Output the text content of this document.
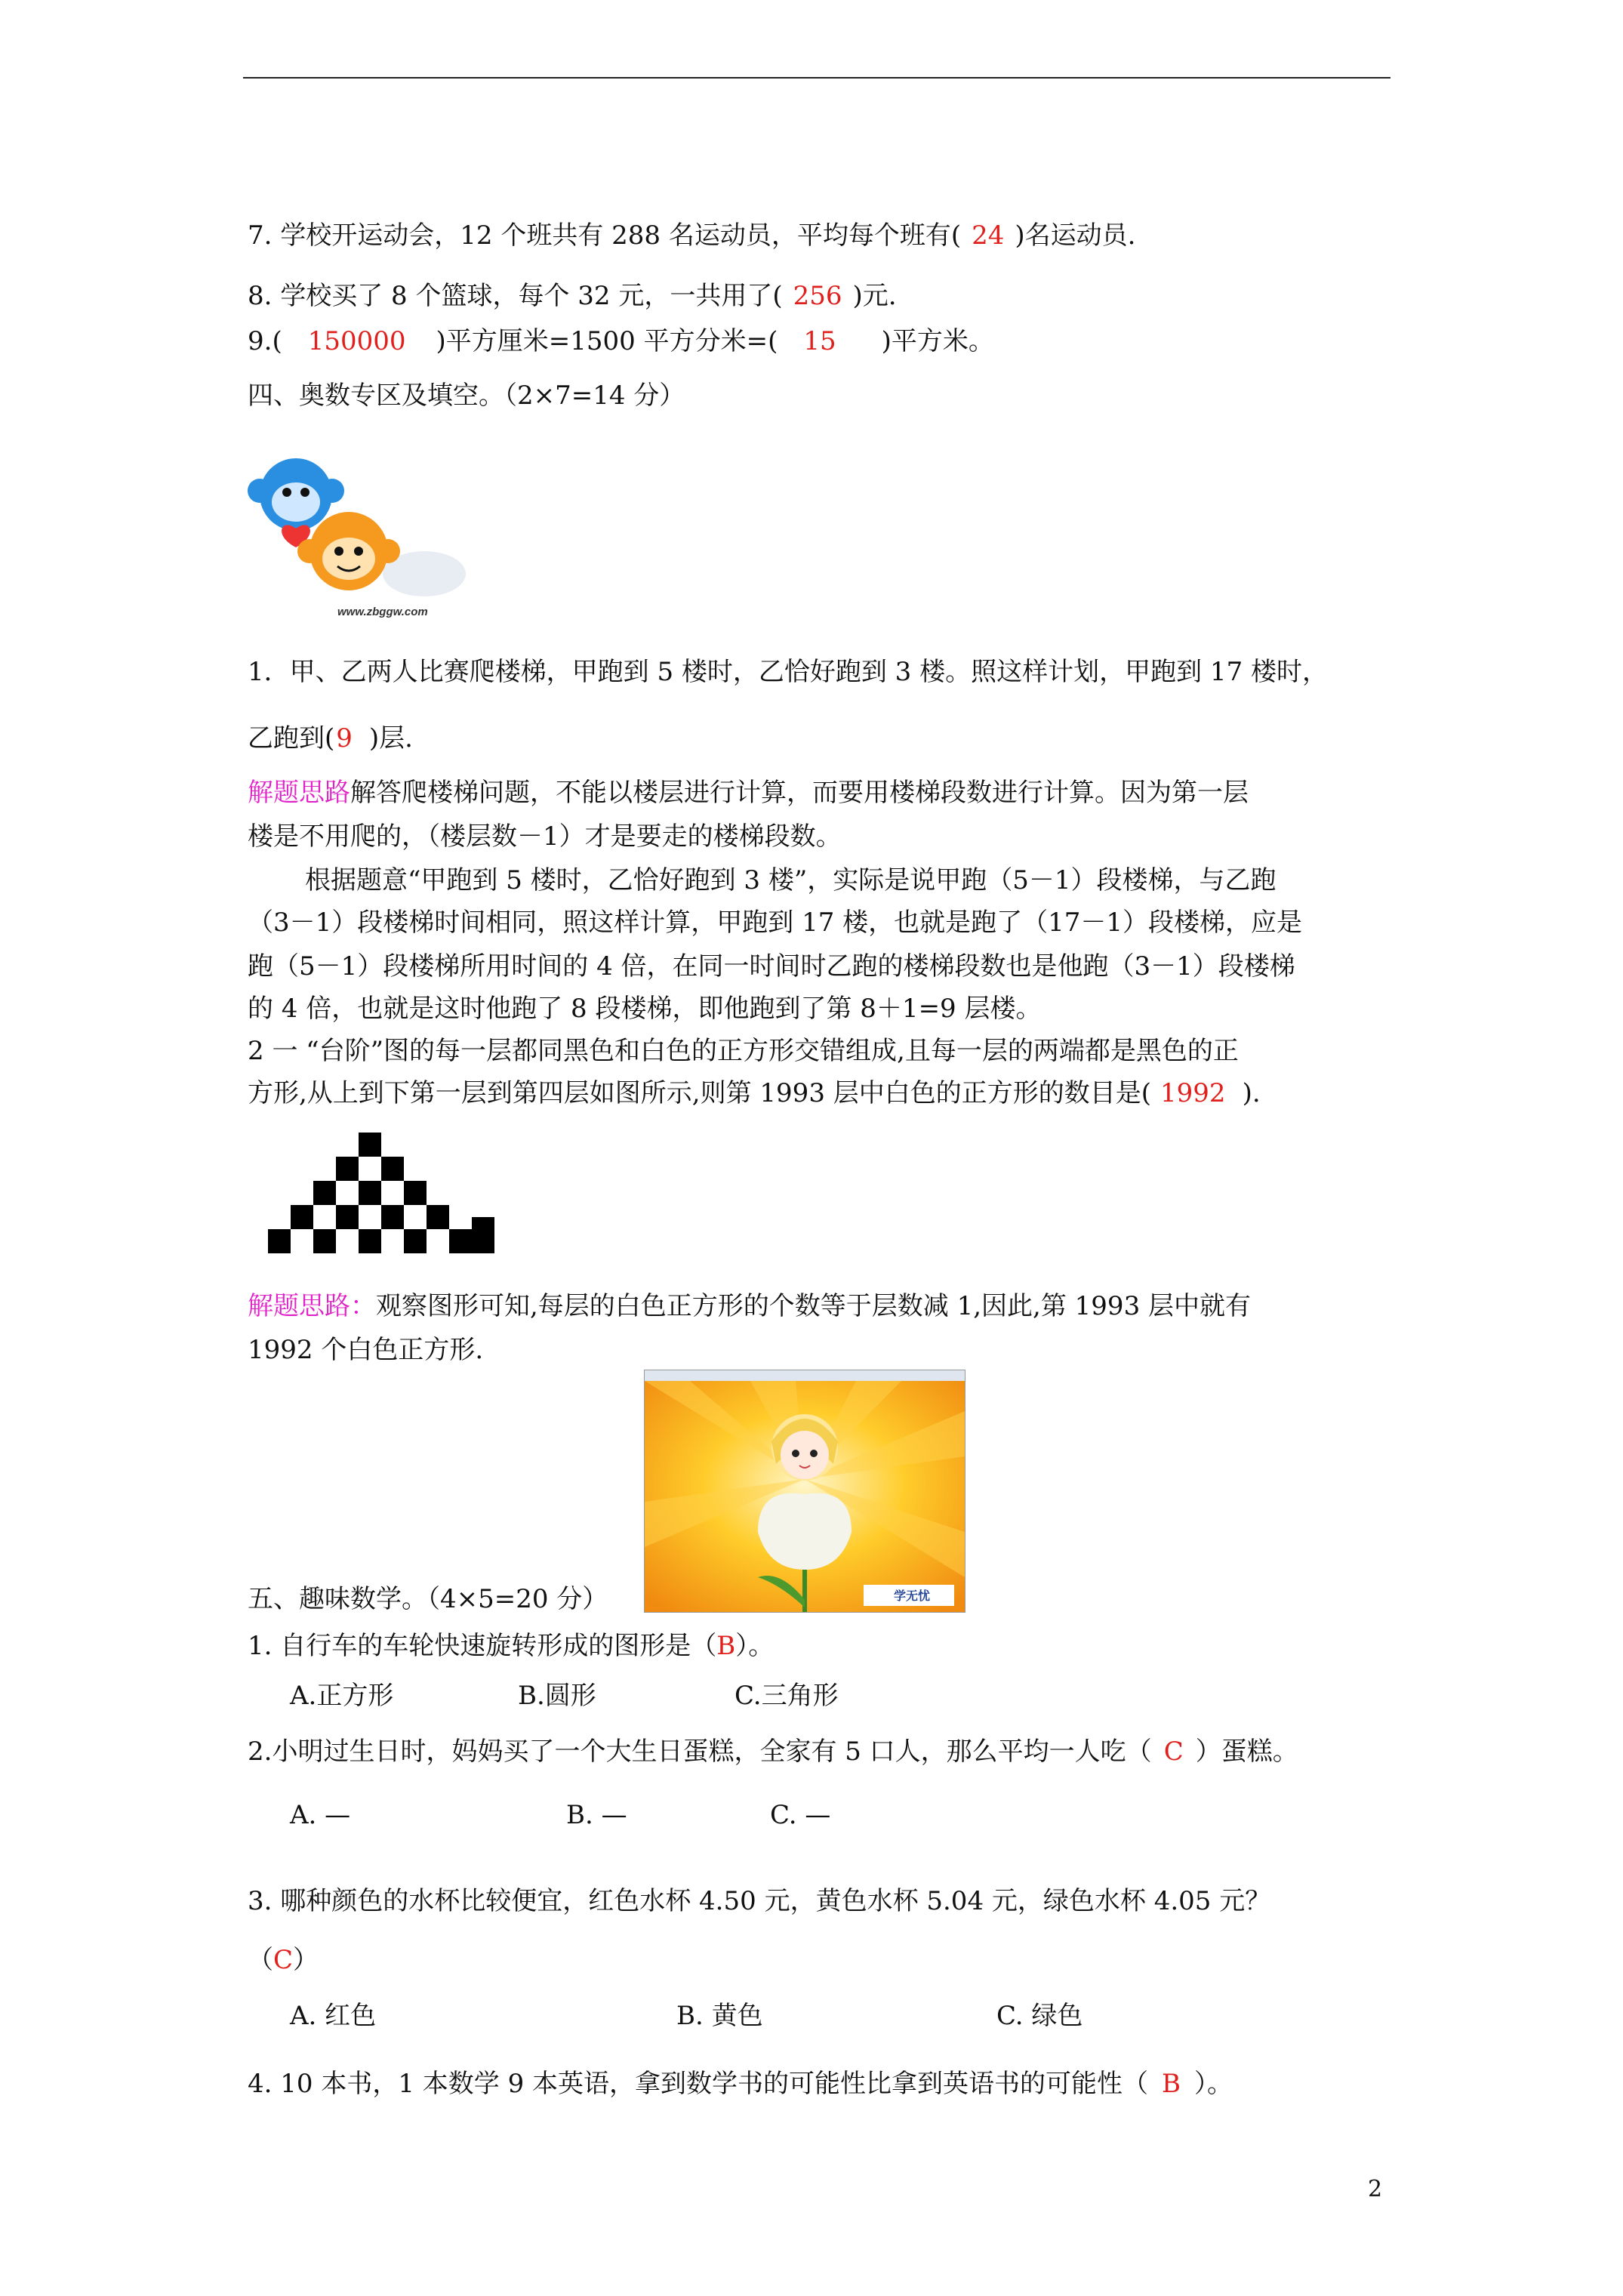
7. 学校开运动会，12 个班共有 288 名运动员，平均每个班有( 24 )名运动员.
8. 学校买了 8 个篮球，每个 32 元，一共用了( 256 )元.
9.( 150000 )平方厘米=1500 平方分米=( 15 )平方米。
四、奥数专区及填空。（2×7=14 分）
www.zbggw.com
1．甲、乙两人比赛爬楼梯，甲跑到 5 楼时，乙恰好跑到 3 楼。照这样计划，甲跑到 17 楼时，
乙跑到(9 )层.
解题思路解答爬楼梯问题，不能以楼层进行计算，而要用楼梯段数进行计算。因为第一层
楼是不用爬的，（楼层数－1）才是要走的楼梯段数。
根据题意“甲跑到 5 楼时，乙恰好跑到 3 楼”，实际是说甲跑（5－1）段楼梯，与乙跑
（3－1）段楼梯时间相同，照这样计算，甲跑到 17 楼，也就是跑了（17－1）段楼梯，应是
跑（5－1）段楼梯所用时间的 4 倍，在同一时间时乙跑的楼梯段数也是他跑（3－1）段楼梯
的 4 倍，也就是这时他跑了 8 段楼梯，即他跑到了第 8＋1=9 层楼。
2 一 “台阶”图的每一层都同黑色和白色的正方形交错组成,且每一层的两端都是黑色的正
方形,从上到下第一层到第四层如图所示,则第 1993 层中白色的正方形的数目是( 1992 ).
解题思路：观察图形可知,每层的白色正方形的个数等于层数减 1,因此,第 1993 层中就有
1992 个白色正方形.
学无忧
五、趣味数学。（4×5=20 分）
1. 自行车的车轮快速旋转形成的图形是（B）。
A.正方形	B.圆形	C.三角形
2.小明过生日时，妈妈买了一个大生日蛋糕，全家有 5 口人，那么平均一人吃（ C ）蛋糕。
A. —	B. —	C. —
3. 哪种颜色的水杯比较便宜，红色水杯 4.50 元，黄色水杯 5.04 元，绿色水杯 4.05 元？
（C）
A. 红色	B. 黄色	C. 绿色
4. 10 本书，1 本数学 9 本英语，拿到数学书的可能性比拿到英语书的可能性（ B ）。
2
